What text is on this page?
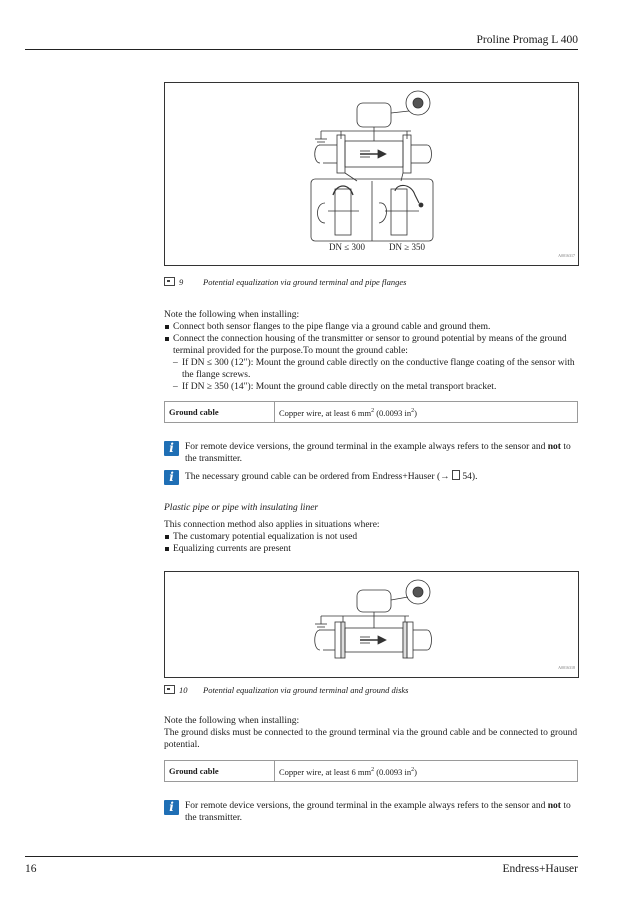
Proline Promag L 400
DN ≤ 300	DN ≥ 350
A0016317
9 Potential equalization via ground terminal and pipe flanges
Note the following when installing:
Connect both sensor flanges to the pipe flange via a ground cable and ground them.
Connect the connection housing of the transmitter or sensor to ground potential by means of the ground terminal provided for the purpose.To mount the ground cable:
– If DN ≤ 300 (12"): Mount the ground cable directly on the conductive flange coating of the sensor with the flange screws.
– If DN ≥ 350 (14"): Mount the ground cable directly on the metal transport bracket.
Ground cable	Copper wire, at least 6 $mm^2$ (0.0093 $in^2$)
i	For remote device versions, the ground terminal in the example always refers to the sensor and not to the transmitter.
i	The necessary ground cable can be ordered from Endress+Hauser (→  54).
Plastic pipe or pipe with insulating liner
This connection method also applies in situations where:
The customary potential equalization is not used
Equalizing currents are present
A0016318
10 Potential equalization via ground terminal and ground disks
Note the following when installing:
The ground disks must be connected to the ground terminal via the ground cable and be connected to ground potential.
Ground cable	Copper wire, at least 6 $mm^2$ (0.0093 $in^2$)
i	For remote device versions, the ground terminal in the example always refers to the sensor and not to the transmitter.
16	Endress+Hauser
